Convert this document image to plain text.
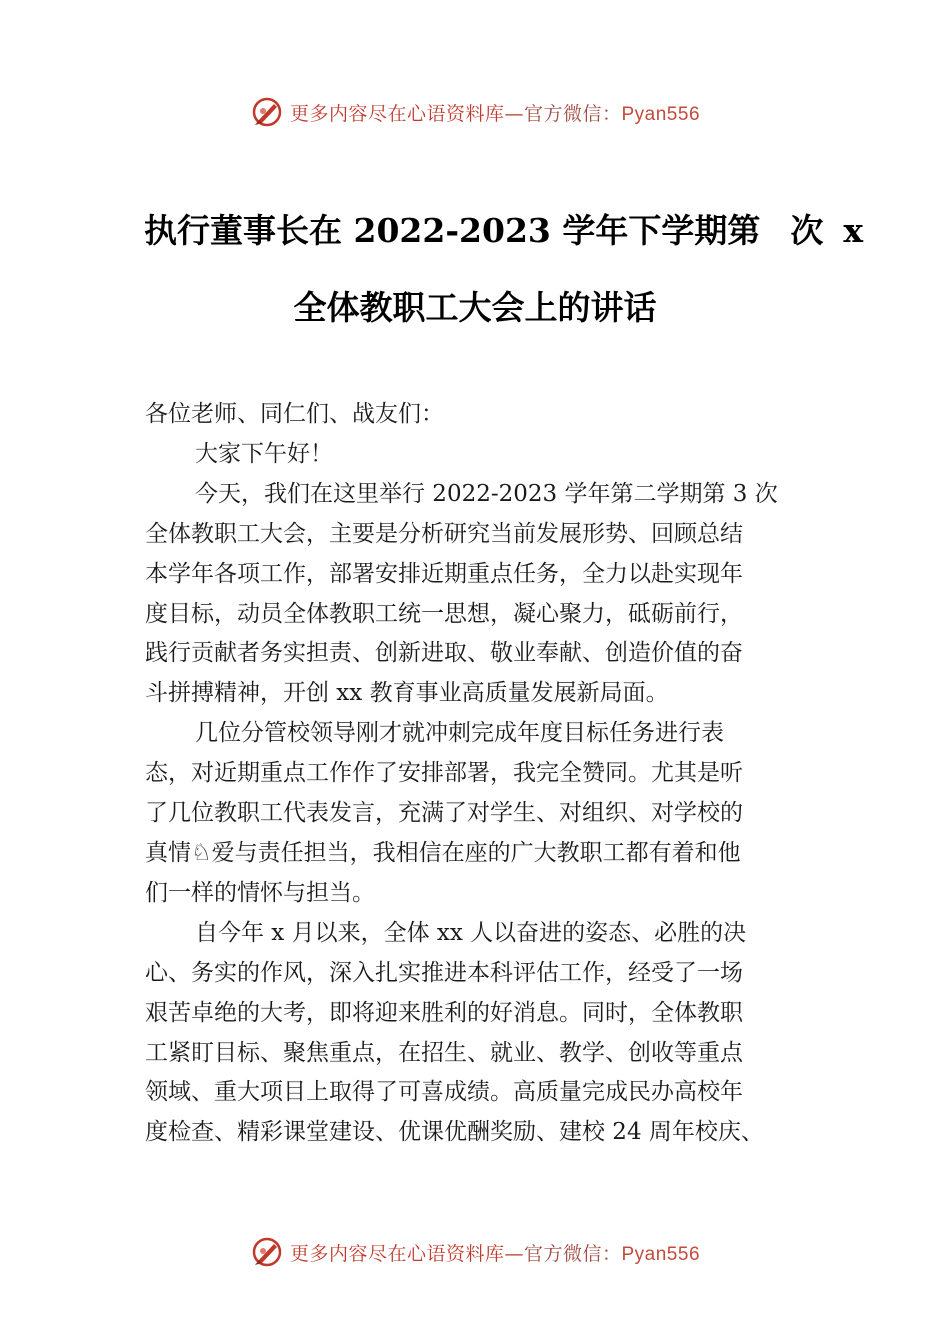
更多内容尽在心语资料库—官方微信：Pyan556
执行董事长在 2022-2023 学年下学期第 次 x
全体教职工大会上的讲话

各位老师、同仁们、战友们：

大家下午好！

今天，我们在这里举行 2022-2023 学年第二学期第 3 次

全体教职工大会，主要是分析研究当前发展形势、回顾总结

本学年各项工作，部署安排近期重点任务，全力以赴实现年

度目标，动员全体教职工统一思想，凝心聚力，砥砺前行，

践行贡献者务实担责、创新进取、敬业奉献、创造价值的奋

斗拼搏精神，开创 xx 教育事业高质量发展新局面。

几位分管校领导刚才就冲刺完成年度目标任务进行表

态，对近期重点工作作了安排部署，我完全赞同。尤其是听

了几位教职工代表发言，充满了对学生、对组织、对学校的

真情♘爱与责任担当，我相信在座的广大教职工都有着和他

们一样的情怀与担当。

自今年 x 月以来，全体 xx 人以奋进的姿态、必胜的决

心、务实的作风，深入扎实推进本科评估工作，经受了一场

艰苦卓绝的大考，即将迎来胜利的好消息。同时，全体教职

工紧盯目标、聚焦重点，在招生、就业、教学、创收等重点

领域、重大项目上取得了可喜成绩。高质量完成民办高校年

度检查、精彩课堂建设、优课优酬奖励、建校 24 周年校庆、

更多内容尽在心语资料库—官方微信：Pyan556
